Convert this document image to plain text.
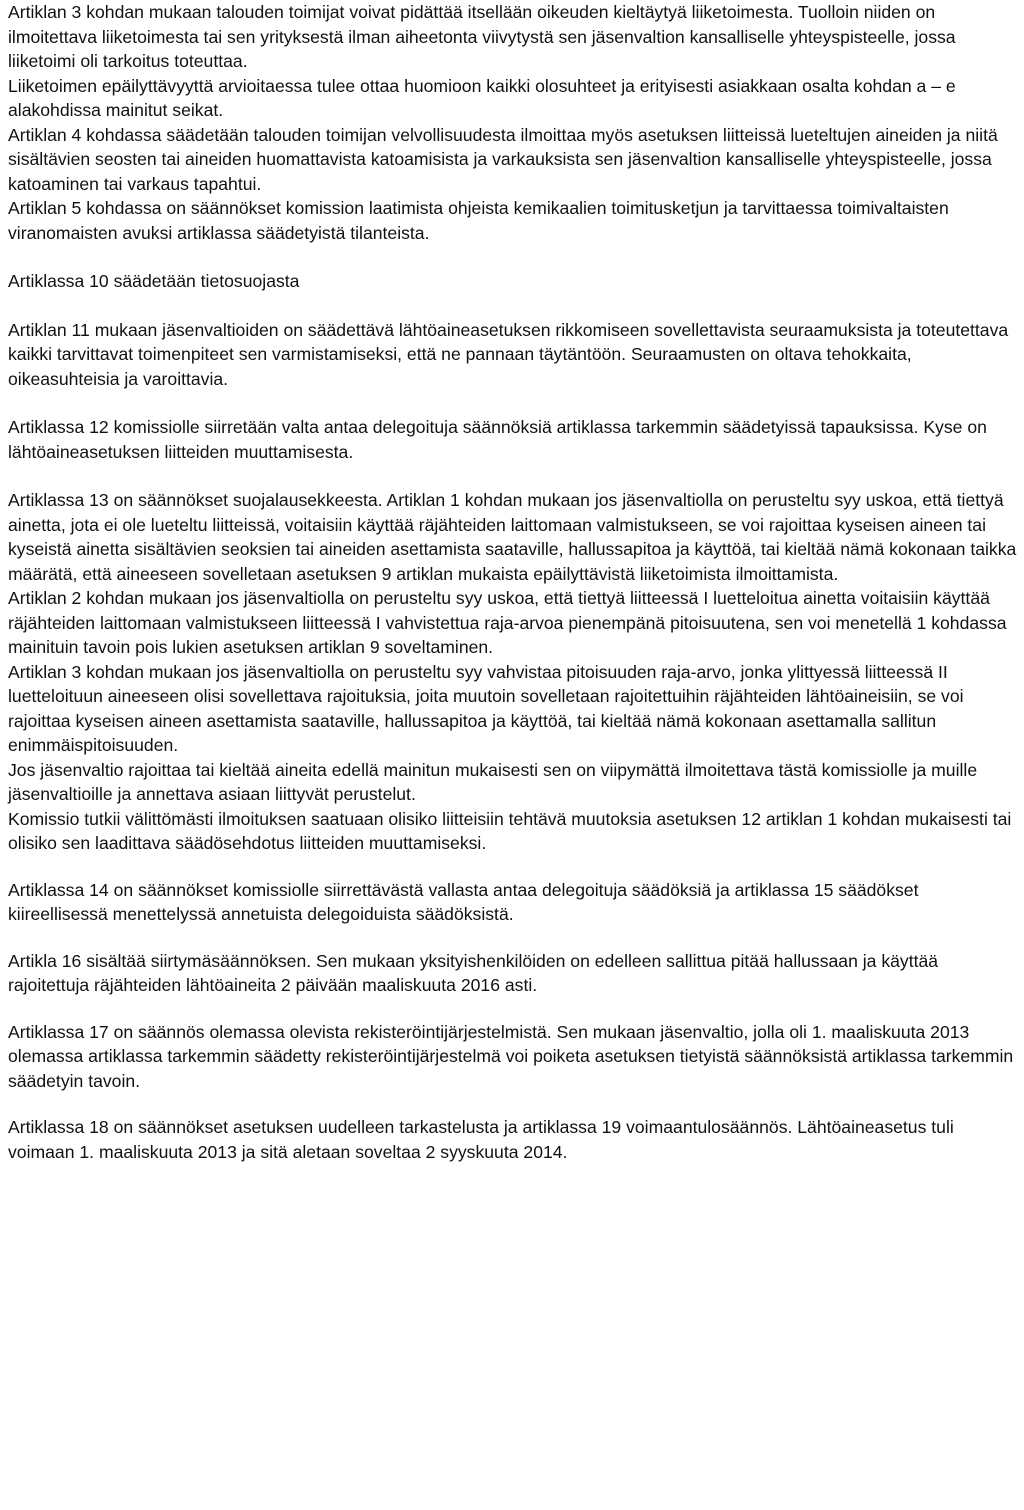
Artiklan 3 kohdan mukaan talouden toimijat voivat pidättää itsellään oikeuden kieltäytyä liiketoimesta. Tuolloin niiden on ilmoitettava liiketoimesta tai sen yrityksestä ilman aiheetonta viivytystä sen jäsenvaltion kansalliselle yhteyspisteelle, jossa liiketoimi oli tarkoitus toteuttaa.

Liiketoimen epäilyttävyyttä arvioitaessa tulee ottaa huomioon kaikki olosuhteet ja erityisesti asiakkaan osalta kohdan a – e alakohdissa mainitut seikat.

Artiklan 4 kohdassa säädetään talouden toimijan velvollisuudesta ilmoittaa myös asetuksen liitteissä lueteltujen aineiden ja niitä sisältävien seosten tai aineiden huomattavista katoamisista ja varkauksista sen jäsenvaltion kansalliselle yhteyspisteelle, jossa katoaminen tai varkaus tapahtui.

Artiklan 5 kohdassa on säännökset komission laatimista ohjeista kemikaalien toimitusketjun ja tarvittaessa toimivaltaisten viranomaisten avuksi artiklassa säädetyistä tilanteista.

Artiklassa 10 säädetään tietosuojasta

Artiklan 11 mukaan jäsenvaltioiden on säädettävä lähtöaineasetuksen rikkomiseen sovellettavista seuraamuksista ja toteutettava kaikki tarvittavat toimenpiteet sen varmistamiseksi, että ne pannaan täytäntöön. Seuraamusten on oltava tehokkaita, oikeasuhteisia ja varoittavia.

Artiklassa 12 komissiolle siirretään valta antaa delegoituja säännöksiä artiklassa tarkemmin säädetyissä tapauksissa. Kyse on lähtöaineasetuksen liitteiden muuttamisesta.

Artiklassa 13 on säännökset suojalausekkeesta. Artiklan 1 kohdan mukaan jos jäsenvaltiolla on perusteltu syy uskoa, että tiettyä ainetta, jota ei ole lueteltu liitteissä, voitaisiin käyttää räjähteiden laittomaan valmistukseen, se voi rajoittaa kyseisen aineen tai kyseistä ainetta sisältävien seoksien tai aineiden asettamista saataville, hallussapitoa ja käyttöä, tai kieltää nämä kokonaan taikka määrätä, että aineeseen sovelletaan asetuksen 9 artiklan mukaista epäilyttävistä liiketoimista ilmoittamista.

Artiklan 2 kohdan mukaan jos jäsenvaltiolla on perusteltu syy uskoa, että tiettyä liitteessä I luetteloitua ainetta voitaisiin käyttää räjähteiden laittomaan valmistukseen liitteessä I vahvistettua raja-arvoa pienempänä pitoisuutena, sen voi menetellä 1 kohdassa mainituin tavoin pois lukien asetuksen artiklan 9 soveltaminen.

Artiklan 3 kohdan mukaan jos jäsenvaltiolla on perusteltu syy vahvistaa pitoisuuden raja-arvo, jonka ylittyessä liitteessä II luetteloituun aineeseen olisi sovellettava rajoituksia, joita muutoin sovelletaan rajoitettuihin räjähteiden lähtöaineisiin, se voi rajoittaa kyseisen aineen asettamista saataville, hallussapitoa ja käyttöä, tai kieltää nämä kokonaan asettamalla sallitun enimmäispitoisuuden.

Jos jäsenvaltio rajoittaa tai kieltää aineita edellä mainitun mukaisesti sen on viipymättä ilmoitettava tästä komissiolle ja muille jäsenvaltioille ja annettava asiaan liittyvät perustelut.

Komissio tutkii välittömästi ilmoituksen saatuaan olisiko liitteisiin tehtävä muutoksia asetuksen 12 artiklan 1 kohdan mukaisesti tai olisiko sen laadittava säädösehdotus liitteiden muuttamiseksi.

Artiklassa 14 on säännökset komissiolle siirrettävästä vallasta antaa delegoituja säädöksiä ja artiklassa 15 säädökset kiireellisessä menettelyssä annetuista delegoiduista säädöksistä.

Artikla 16 sisältää siirtymäsäännöksen. Sen mukaan yksityishenkilöiden on edelleen sallittua pitää hallussaan ja käyttää rajoitettuja räjähteiden lähtöaineita 2 päivään maaliskuuta 2016 asti.

Artiklassa 17 on säännös olemassa olevista rekisteröintijärjestelmistä. Sen mukaan jäsenvaltio, jolla oli 1. maaliskuuta 2013 olemassa artiklassa tarkemmin säädetty rekisteröintijärjestelmä voi poiketa asetuksen tietyistä säännöksistä artiklassa tarkemmin säädetyin tavoin.

Artiklassa 18 on säännökset asetuksen uudelleen tarkastelusta ja artiklassa 19 voimaantulosäännös. Lähtöaineasetus tuli voimaan 1. maaliskuuta 2013 ja sitä aletaan soveltaa 2 syyskuuta 2014.
